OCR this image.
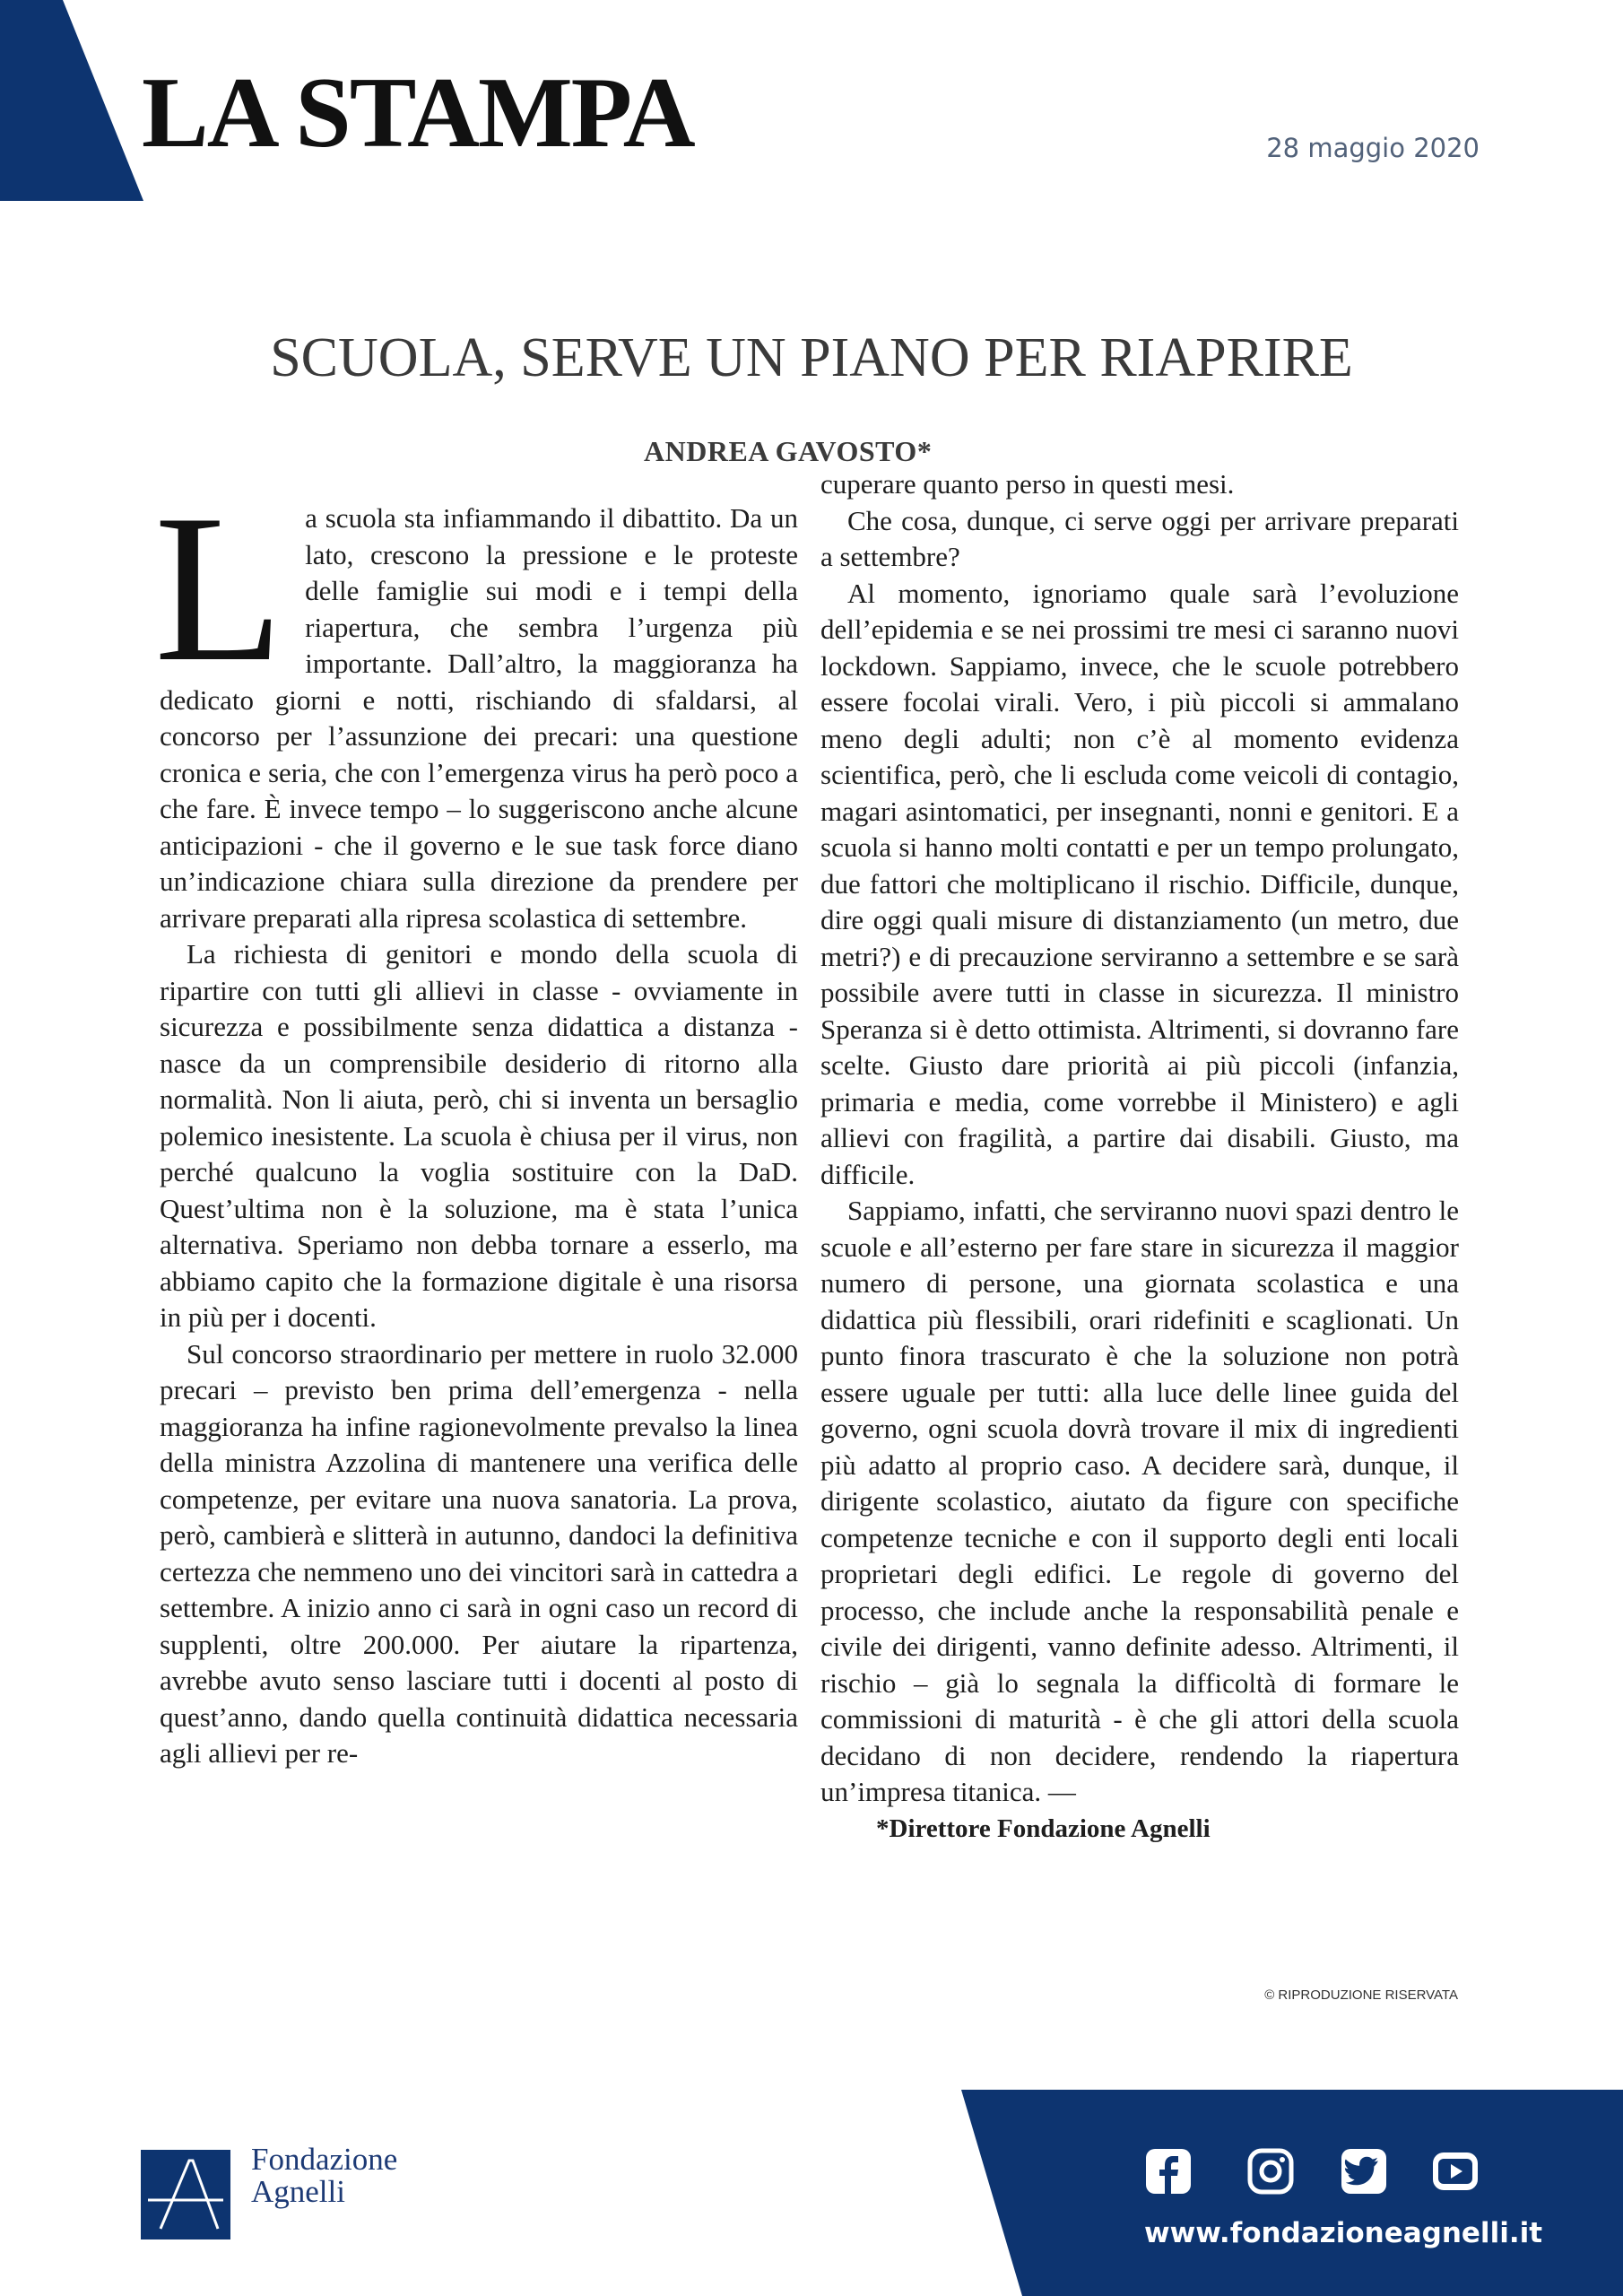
LA STAMPA	28 maggio 2020
SCUOLA, SERVE UN PIANO PER RIAPRIRE
ANDREA GAVOSTO*

La scuola sta infiammando il dibattito. Da un lato, crescono la pressione e le proteste delle famiglie sui modi e i tempi della riapertura, che sembra l’urgenza più importante. Dall’altro, la maggioranza ha dedicato giorni e notti, rischiando di sfaldarsi, al concorso per l’assunzione dei precari: una questione cronica e seria, che con l’emergenza virus ha però poco a che fare. È invece tempo – lo suggeriscono anche alcune anticipazioni - che il governo e le sue task force diano un’indicazione chiara sulla direzione da prendere per arrivare preparati alla ripresa scolastica di settembre.

La richiesta di genitori e mondo della scuola di ripartire con tutti gli allievi in classe - ovviamente in sicurezza e possibilmente senza didattica a distanza - nasce da un comprensibile desiderio di ritorno alla normalità. Non li aiuta, però, chi si inventa un bersaglio polemico inesistente. La scuola è chiusa per il virus, non perché qualcuno la voglia sostituire con la DaD. Quest’ultima non è la soluzione, ma è stata l’unica alternativa. Speriamo non debba tornare a esserlo, ma abbiamo capito che la formazione digitale è una risorsa in più per i docenti.

Sul concorso straordinario per mettere in ruolo 32.000 precari – previsto ben prima dell’emergenza - nella maggioranza ha infine ragionevolmente prevalso la linea della ministra Azzolina di mantenere una verifica delle competenze, per evitare una nuova sanatoria. La prova, però, cambierà e slitterà in autunno, dandoci la definitiva certezza che nemmeno uno dei vincitori sarà in cattedra a settembre. A inizio anno ci sarà in ogni caso un record di supplenti, oltre 200.000. Per aiutare la ripartenza, avrebbe avuto senso lasciare tutti i docenti al posto di quest’anno, dando quella continuità didattica necessaria agli allievi per re-

cuperare quanto perso in questi mesi.

Che cosa, dunque, ci serve oggi per arrivare preparati a settembre?

Al momento, ignoriamo quale sarà l’evoluzione dell’epidemia e se nei prossimi tre mesi ci saranno nuovi lockdown. Sappiamo, invece, che le scuole potrebbero essere focolai virali. Vero, i più piccoli si ammalano meno degli adulti; non c’è al momento evidenza scientifica, però, che li escluda come veicoli di contagio, magari asintomatici, per insegnanti, nonni e genitori. E a scuola si hanno molti contatti e per un tempo prolungato, due fattori che moltiplicano il rischio. Difficile, dunque, dire oggi quali misure di distanziamento (un metro, due metri?) e di precauzione serviranno a settembre e se sarà possibile avere tutti in classe in sicurezza. Il ministro Speranza si è detto ottimista. Altrimenti, si dovranno fare scelte. Giusto dare priorità ai più piccoli (infanzia, primaria e media, come vorrebbe il Ministero) e agli allievi con fragilità, a partire dai disabili. Giusto, ma difficile.

Sappiamo, infatti, che serviranno nuovi spazi dentro le scuole e all’esterno per fare stare in sicurezza il maggior numero di persone, una giornata scolastica e una didattica più flessibili, orari ridefiniti e scaglionati. Un punto finora trascurato è che la soluzione non potrà essere uguale per tutti: alla luce delle linee guida del governo, ogni scuola dovrà trovare il mix di ingredienti più adatto al proprio caso. A decidere sarà, dunque, il dirigente scolastico, aiutato da figure con specifiche competenze tecniche e con il supporto degli enti locali proprietari degli edifici. Le regole di governo del processo, che include anche la responsabilità penale e civile dei dirigenti, vanno definite adesso. Altrimenti, il rischio – già lo segnala la difficoltà di formare le commissioni di maturità - è che gli attori della scuola decidano di non decidere, rendendo la riapertura un’impresa titanica. —

*Direttore Fondazione Agnelli

© RIPRODUZIONE RISERVATA
Fondazione
Agnelli
www.fondazioneagnelli.it
